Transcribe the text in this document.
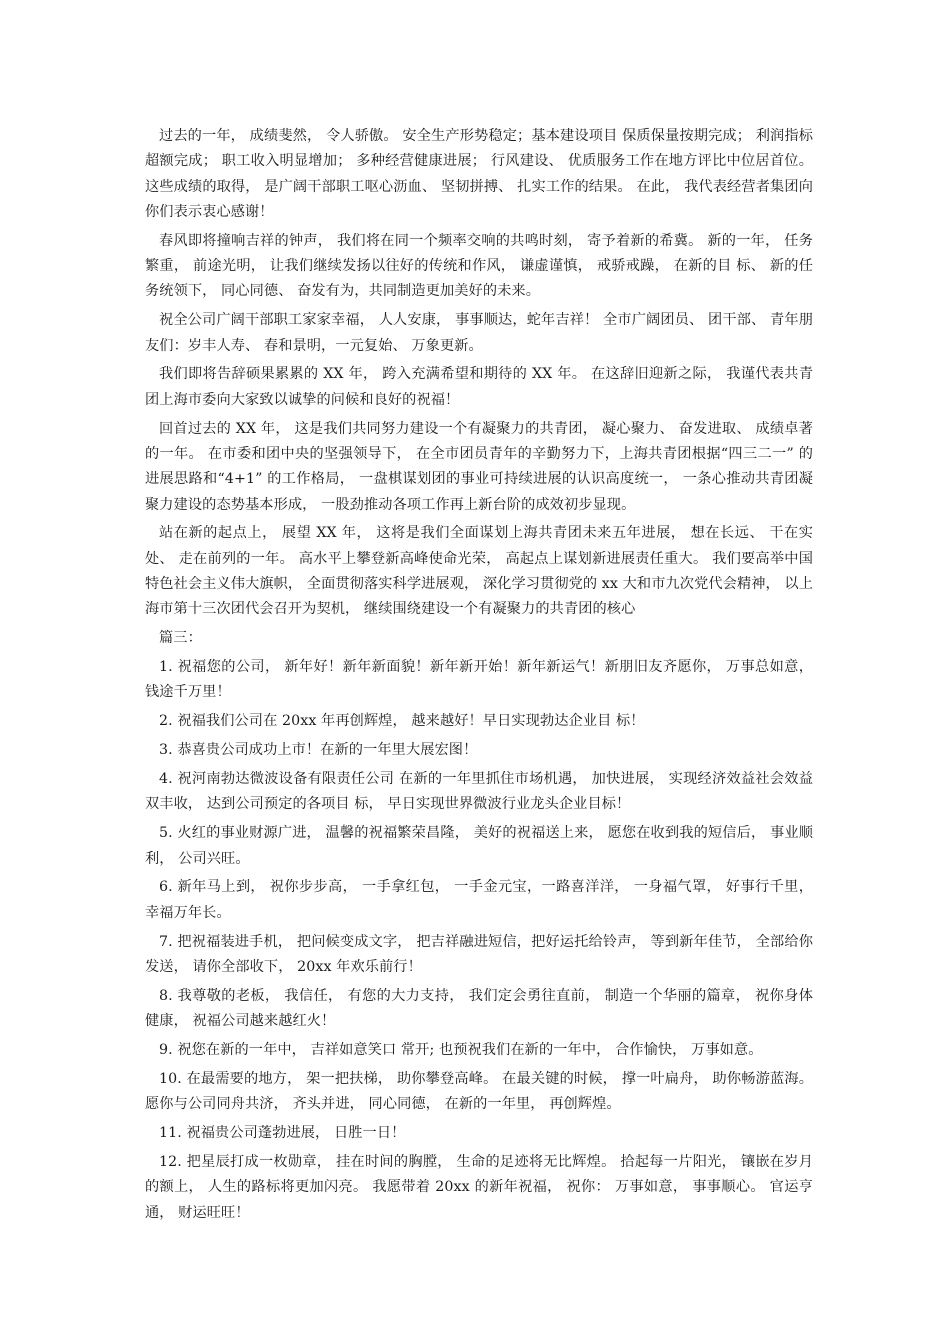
过去的一年， 成绩斐然， 令人骄傲。 安全生产形势稳定；基本建设项目 保质保量按期完成； 利润指标超额完成； 职工收入明显增加； 多种经营健康进展； 行风建设、 优质服务工作在地方评比中位居首位。 这些成绩的取得， 是广阔干部职工呕心沥血、 坚韧拼搏、 扎实工作的结果。 在此， 我代表经营者集团向你们表示衷心感谢！

春风即将撞响吉祥的钟声， 我们将在同一个频率交响的共鸣时刻， 寄予着新的希冀。 新的一年， 任务繁重， 前途光明， 让我们继续发扬以往好的传统和作风， 谦虚谨慎， 戒骄戒躁， 在新的目 标、 新的任务统领下， 同心同德、 奋发有为，共同制造更加美好的未来。

祝全公司广阔干部职工家家幸福， 人人安康， 事事顺达，蛇年吉祥！ 全市广阔团员、 团干部、 青年朋友们：岁丰人寿、 春和景明，一元复始、 万象更新。

我们即将告辞硕果累累的 XX 年， 跨入充满希望和期待的 XX 年。 在这辞旧迎新之际， 我谨代表共青团上海市委向大家致以诚挚的问候和良好的祝福！

回首过去的 XX 年， 这是我们共同努力建设一个有凝聚力的共青团， 凝心聚力、 奋发进取、 成绩卓著的一年。 在市委和团中央的坚强领导下， 在全市团员青年的辛勤努力下，上海共青团根据“四三二一” 的进展思路和“4+1” 的工作格局， 一盘棋谋划团的事业可持续进展的认识高度统一， 一条心推动共青团凝聚力建设的态势基本形成， 一股劲推动各项工作再上新台阶的成效初步显现。

站在新的起点上， 展望 XX 年， 这将是我们全面谋划上海共青团未来五年进展， 想在长远、 干在实处、 走在前列的一年。 高水平上攀登新高峰使命光荣， 高起点上谋划新进展责任重大。 我们要高举中国特色社会主义伟大旗帜， 全面贯彻落实科学进展观， 深化学习贯彻党的 xx 大和市九次党代会精神， 以上海市第十三次团代会召开为契机， 继续围绕建设一个有凝聚力的共青团的核心

篇三：

1. 祝福您的公司， 新年好！新年新面貌！新年新开始！新年新运气！新朋旧友齐愿你， 万事总如意， 钱途千万里！

2. 祝福我们公司在 20xx 年再创辉煌， 越来越好！早日实现勃达企业目 标！

3. 恭喜贵公司成功上市！在新的一年里大展宏图！

4. 祝河南勃达微波设备有限责任公司 在新的一年里抓住市场机遇， 加快进展， 实现经济效益社会效益双丰收， 达到公司预定的各项目 标， 早日实现世界微波行业龙头企业目标！

5. 火红的事业财源广进， 温馨的祝福繁荣昌隆， 美好的祝福送上来， 愿您在收到我的短信后， 事业顺利， 公司兴旺。

6. 新年马上到， 祝你步步高， 一手拿红包， 一手金元宝，一路喜洋洋， 一身福气罩， 好事行千里， 幸福万年长。

7. 把祝福装进手机， 把问候变成文字， 把吉祥融进短信，把好运托给铃声， 等到新年佳节， 全部给你发送， 请你全部收下， 20xx 年欢乐前行！

8. 我尊敬的老板， 我信任， 有您的大力支持， 我们定会勇往直前， 制造一个华丽的篇章， 祝你身体健康， 祝福公司越来越红火！

9. 祝您在新的一年中， 吉祥如意笑口 常开; 也预祝我们在新的一年中， 合作愉快， 万事如意。

10. 在最需要的地方， 架一把扶梯， 助你攀登高峰。 在最关键的时候， 撑一叶扁舟， 助你畅游蓝海。 愿你与公司同舟共济， 齐头并进， 同心同德， 在新的一年里， 再创辉煌。

11. 祝福贵公司蓬勃进展， 日胜一日！

12. 把星辰打成一枚勋章， 挂在时间的胸膛， 生命的足迹将无比辉煌。 拾起每一片阳光， 镶嵌在岁月 的额上， 人生的路标将更加闪亮。 我愿带着 20xx 的新年祝福， 祝你： 万事如意， 事事顺心。 官运亨通， 财运旺旺！
